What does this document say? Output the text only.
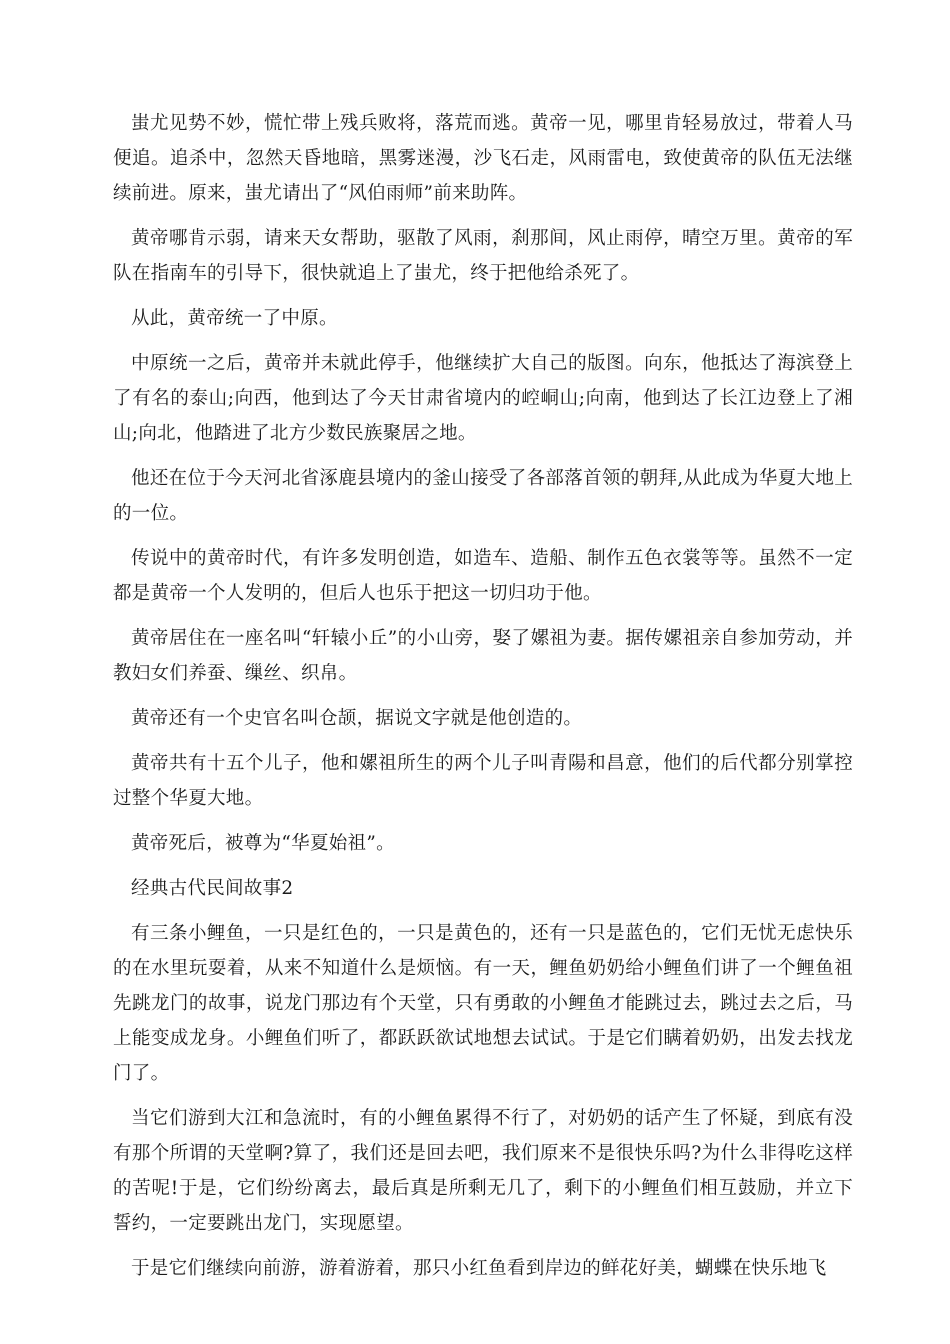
蚩尤见势不妙，慌忙带上残兵败将，落荒而逃。黄帝一见，哪里肯轻易放过，带着人马便追。追杀中，忽然天昏地暗，黑雾迷漫，沙飞石走，风雨雷电，致使黄帝的队伍无法继续前进。原来，蚩尤请出了“风伯雨师”前来助阵。

黄帝哪肯示弱，请来天女帮助，驱散了风雨，刹那间，风止雨停，晴空万里。黄帝的军队在指南车的引导下，很快就追上了蚩尤，终于把他给杀死了。

从此，黄帝统一了中原。

中原统一之后，黄帝并未就此停手，他继续扩大自己的版图。向东，他抵达了海滨登上了有名的泰山;向西，他到达了今天甘肃省境内的崆峒山;向南，他到达了长江边登上了湘山;向北，他踏进了北方少数民族聚居之地。

他还在位于今天河北省涿鹿县境内的釜山接受了各部落首领的朝拜,从此成为华夏大地上的一位。

传说中的黄帝时代，有许多发明创造，如造车、造船、制作五色衣裳等等。虽然不一定都是黄帝一个人发明的，但后人也乐于把这一切归功于他。

黄帝居住在一座名叫“轩辕小丘”的小山旁，娶了嫘祖为妻。据传嫘祖亲自参加劳动，并教妇女们养蚕、缫丝、织帛。

黄帝还有一个史官名叫仓颉，据说文字就是他创造的。

黄帝共有十五个儿子，他和嫘祖所生的两个儿子叫青陽和昌意，他们的后代都分别掌控过整个华夏大地。

黄帝死后，被尊为“华夏始祖”。

经典古代民间故事2

有三条小鲤鱼，一只是红色的，一只是黄色的，还有一只是蓝色的，它们无忧无虑快乐的在水里玩耍着，从来不知道什么是烦恼。有一天，鲤鱼奶奶给小鲤鱼们讲了一个鲤鱼祖先跳龙门的故事，说龙门那边有个天堂，只有勇敢的小鲤鱼才能跳过去，跳过去之后，马上能变成龙身。小鲤鱼们听了，都跃跃欲试地想去试试。于是它们瞒着奶奶，出发去找龙门了。

当它们游到大江和急流时，有的小鲤鱼累得不行了，对奶奶的话产生了怀疑，到底有没有那个所谓的天堂啊?算了，我们还是回去吧，我们原来不是很快乐吗?为什么非得吃这样的苦呢!于是，它们纷纷离去，最后真是所剩无几了，剩下的小鲤鱼们相互鼓励，并立下誓约，一定要跳出龙门，实现愿望。

于是它们继续向前游，游着游着，那只小红鱼看到岸边的鲜花好美，蝴蝶在快乐地飞
